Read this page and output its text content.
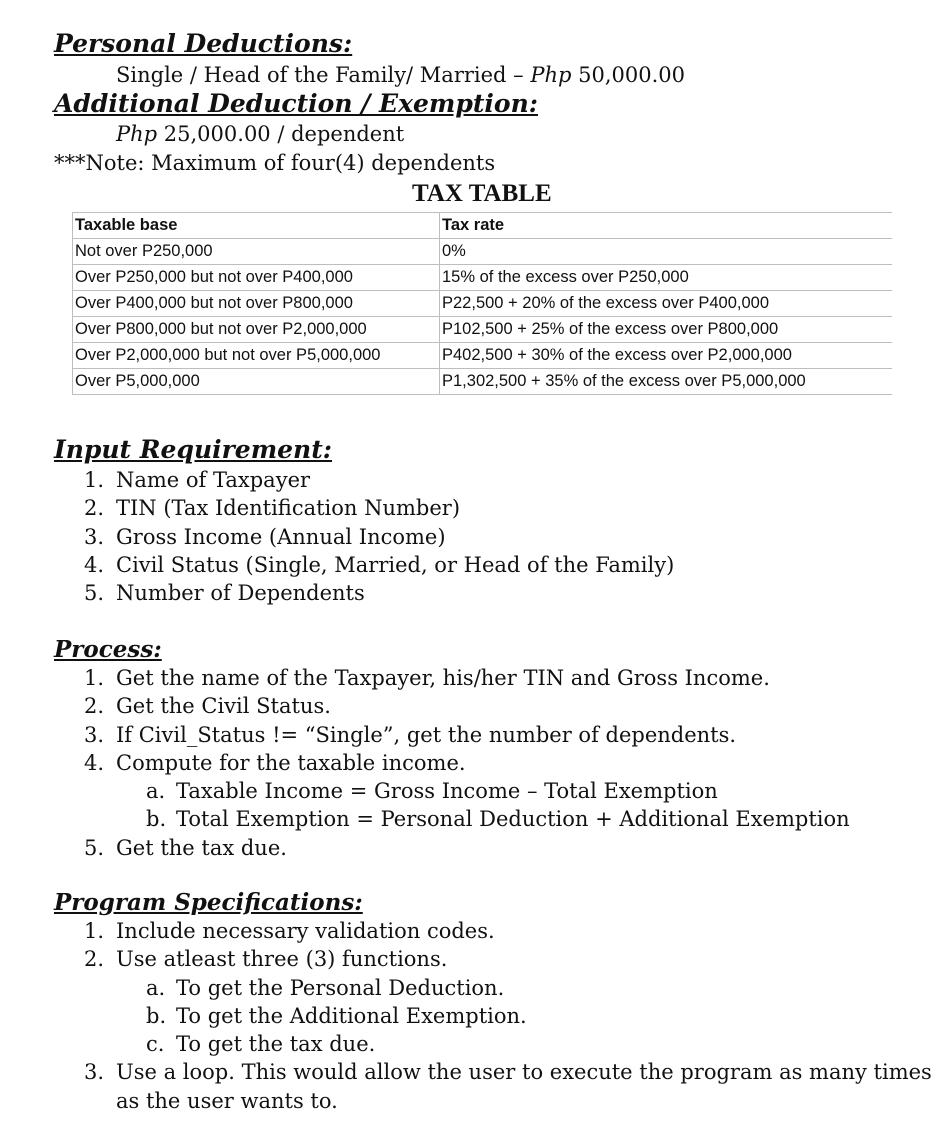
Personal Deductions:
Single / Head of the Family/ Married – Php 50,000.00
Additional Deduction / Exemption:
Php 25,000.00 / dependent
***Note: Maximum of four(4) dependents
TAX TABLE
Taxable base	Tax rate
Not over P250,000	0%
Over P250,000 but not over P400,000	15% of the excess over P250,000
Over P400,000 but not over P800,000	P22,500 + 20% of the excess over P400,000
Over P800,000 but not over P2,000,000	P102,500 + 25% of the excess over P800,000
Over P2,000,000 but not over P5,000,000	P402,500 + 30% of the excess over P2,000,000
Over P5,000,000	P1,302,500 + 35% of the excess over P5,000,000
Input Requirement:
1. Name of Taxpayer
2. TIN (Tax Identification Number)
3. Gross Income (Annual Income)
4. Civil Status (Single, Married, or Head of the Family)
5. Number of Dependents
Process:
1. Get the name of the Taxpayer, his/her TIN and Gross Income.
2. Get the Civil Status.
3. If Civil_Status != “Single”, get the number of dependents.
4. Compute for the taxable income.
a. Taxable Income = Gross Income – Total Exemption
b. Total Exemption = Personal Deduction + Additional Exemption
5. Get the tax due.
Program Specifications:
1. Include necessary validation codes.
2. Use atleast three (3) functions.
a. To get the Personal Deduction.
b. To get the Additional Exemption.
c. To get the tax due.
3. Use a loop. This would allow the user to execute the program as many times
as the user wants to.
